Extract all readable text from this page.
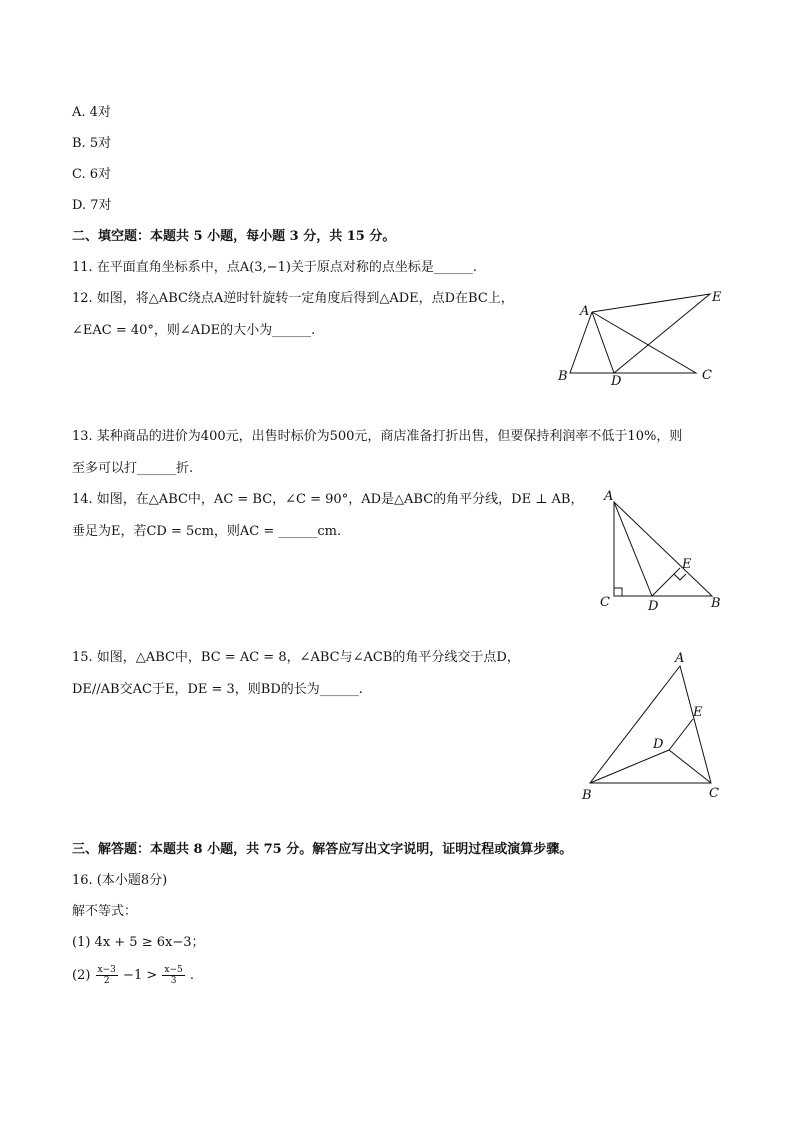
A. 4对
B. 5对
C. 6对
D. 7对
二、填空题：本题共 5 小题，每小题 3 分，共 15 分。
11. 在平面直角坐标系中，点A(3,−1)关于原点对称的点坐标是______.
12. 如图，将△ABC绕点A逆时针旋转一定角度后得到△ADE，点D在BC上，
∠EAC = 40°，则∠ADE的大小为______.
A
E
B	D	C
13. 某种商品的进价为400元，出售时标价为500元，商店准备打折出售，但要保持利润率不低于10%，则
至多可以打______折.
14. 如图，在△ABC中，AC = BC，∠C = 90°，AD是△ABC的角平分线，DE ⊥ AB，
垂足为E，若CD = 5cm，则AC = ______cm.
A
E
C	D	B
15. 如图，△ABC中，BC = AC = 8，∠ABC与∠ACB的角平分线交于点D，
DE//AB交AC于E，DE = 3，则BD的长为______.
A
E
D
B	C
三、解答题：本题共 8 小题，共 75 分。解答应写出文字说明，证明过程或演算步骤。
16. (本小题8分)
解不等式：
(1) 4x + 5 ≥ 6x−3；
$(2) \frac{x-3}{2} -1 > \frac{x-5}{3}$ .
